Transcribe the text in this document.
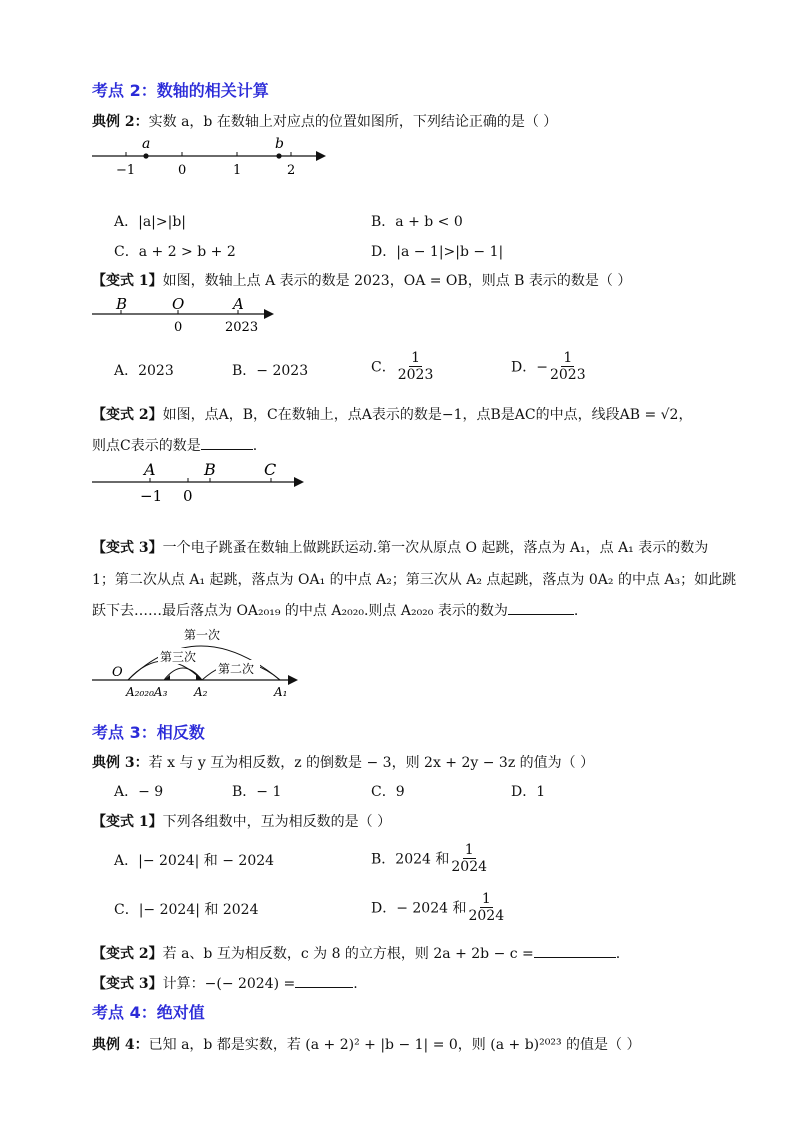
考点 2：数轴的相关计算
典例 2：实数 a，b 在数轴上对应点的位置如图所，下列结论正确的是（ ）
a	b
−1	0	1	2
A．|a|>|b|	B．a + b < 0
C．a + 2 > b + 2	D．|a − 1|>|b − 1|
【变式 1】如图，数轴上点 A 表示的数是 2023，OA = OB，则点 B 表示的数是（ ）
B	O	A
0	2023
A．2023	B．− 2023	C． $\frac{1}{2023}$	D．− $\frac{1}{2023}$
【变式 2】如图，点A，B，C在数轴上，点A表示的数是−1，点B是AC的中点，线段AB = √2，
则点C表示的数是	.
A	B	C
−1 0
【变式 3】一个电子跳蚤在数轴上做跳跃运动.第一次从原点 O 起跳，落点为 A₁，点 A₁ 表示的数为
1；第二次从点 A₁ 起跳，落点为 OA₁ 的中点 A₂；第三次从 A₂ 点起跳，落点为 0A₂ 的中点 A₃；如此跳
跃下去……最后落点为 OA₂₀₁₉ 的中点 A₂₀₂₀.则点 A₂₀₂₀ 表示的数为	.
第一次
第三次
第二次
O
A₂₀₂₀A₃ A₂	A₁
考点 3：相反数
典例 3：若 x 与 y 互为相反数，z 的倒数是 − 3，则 2x + 2y − 3z 的值为（ ）
A．− 9	B．− 1	C．9	D．1
【变式 1】下列各组数中，互为相反数的是（ ）
A．|− 2024| 和 − 2024	B．2024 和 $\frac{1}{2024}$
C．|− 2024| 和 2024	D．− 2024 和 $\frac{1}{2024}$
【变式 2】若 a、b 互为相反数，c 为 8 的立方根，则 2a + 2b − c =	.
【变式 3】计算：−(− 2024) =	.
考点 4：绝对值
典例 4：已知 a，b 都是实数，若 (a + 2)² + |b − 1| = 0，则 (a + b)²⁰²³ 的值是（ ）
